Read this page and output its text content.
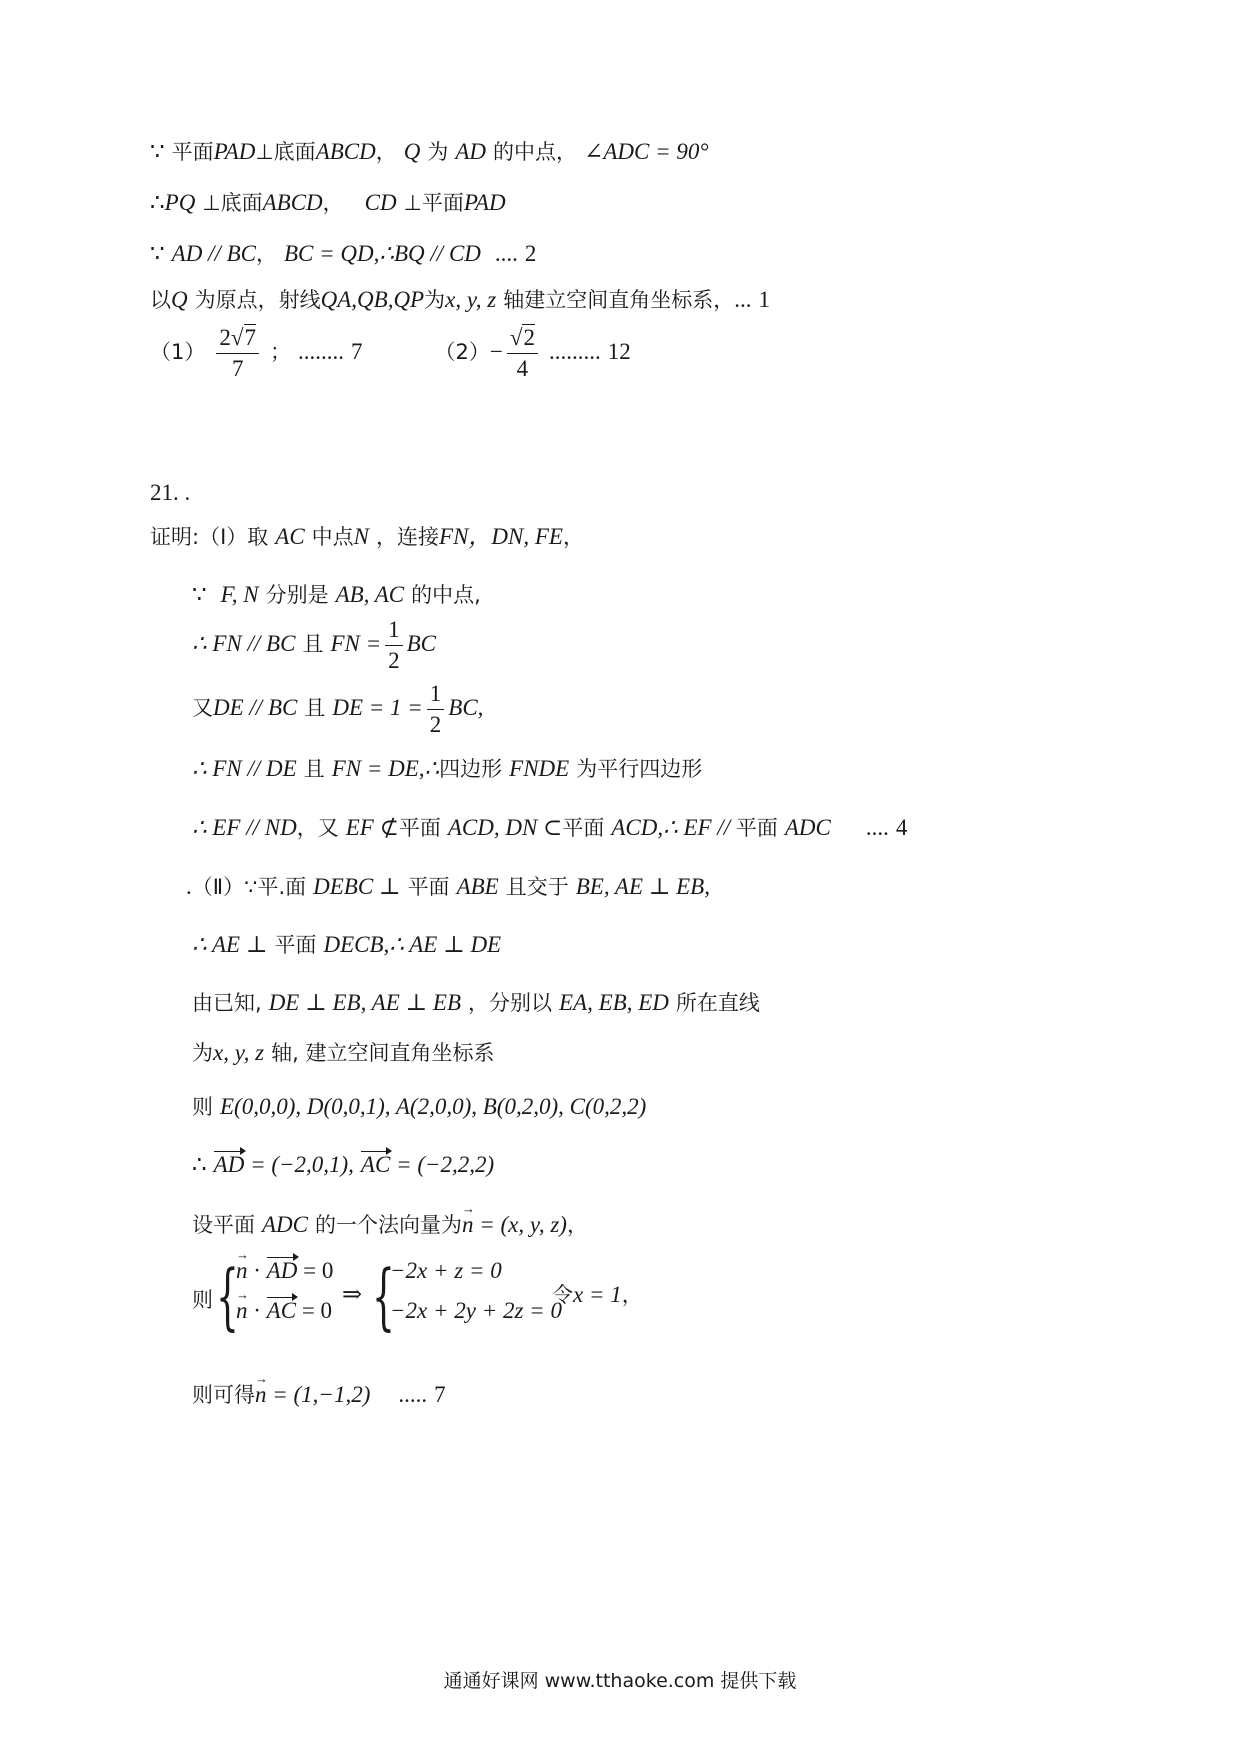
∵ 平面PAD⊥底面ABCD， Q 为 AD 的中点， ∠ADC = 90°
∴PQ ⊥底面ABCD， CD ⊥平面PAD
∵ AD // BC， BC = QD,∴BQ // CD .... 2
以Q 为原点，射线QA,QB,QP为x, y, z 轴建立空间直角坐标系，... 1
$(1) \frac{2√7}{7}$ ； ........ 7	$(2)- \frac{√2}{4}$ ......... 12
21. .
证明:（Ⅰ）取 AC 中点N ，连接FN，DN, FE，
∵ F, N 分别是 AB, AC 的中点,
∴ FN // BC 且 FN = $\frac{1}{2}$ BC
又DE // BC 且 DE = $1 = \frac{1}{2}$ BC,
∴ FN // DE 且 FN = DE,∴四边形 FNDE 为平行四边形
∴ EF // ND，又 EF ⊄平面 ACD, DN ⊂平面 ACD,∴ EF // 平面 ADC .... 4
.（Ⅱ）∵平.面 DEBC ⊥ 平面 ABE 且交于 BE, AE ⊥ EB,
∴ AE ⊥ 平面 DECB,∴ AE ⊥ DE
由已知, DE ⊥ EB, AE ⊥ EB ，分别以 EA, EB, ED 所在直线
为x, y, z 轴, 建立空间直角坐标系
则 E(0,0,0), D(0,0,1), A(2,0,0), B(0,2,0), C(0,2,2)
∴ AD = (−2,0,1), AC = (−2,2,2)
设平面 ADC 的一个法向量为n → = (x, y, z)，
则 {
n → · AD = 0
n → · AC = 0
⇒ {
−2x + z = 0
−2x + 2y + 2z = 0
令x = 1，
则可得n → = (1,−1,2) ..... 7
通通好课网 www.tthaoke.com 提供下载
